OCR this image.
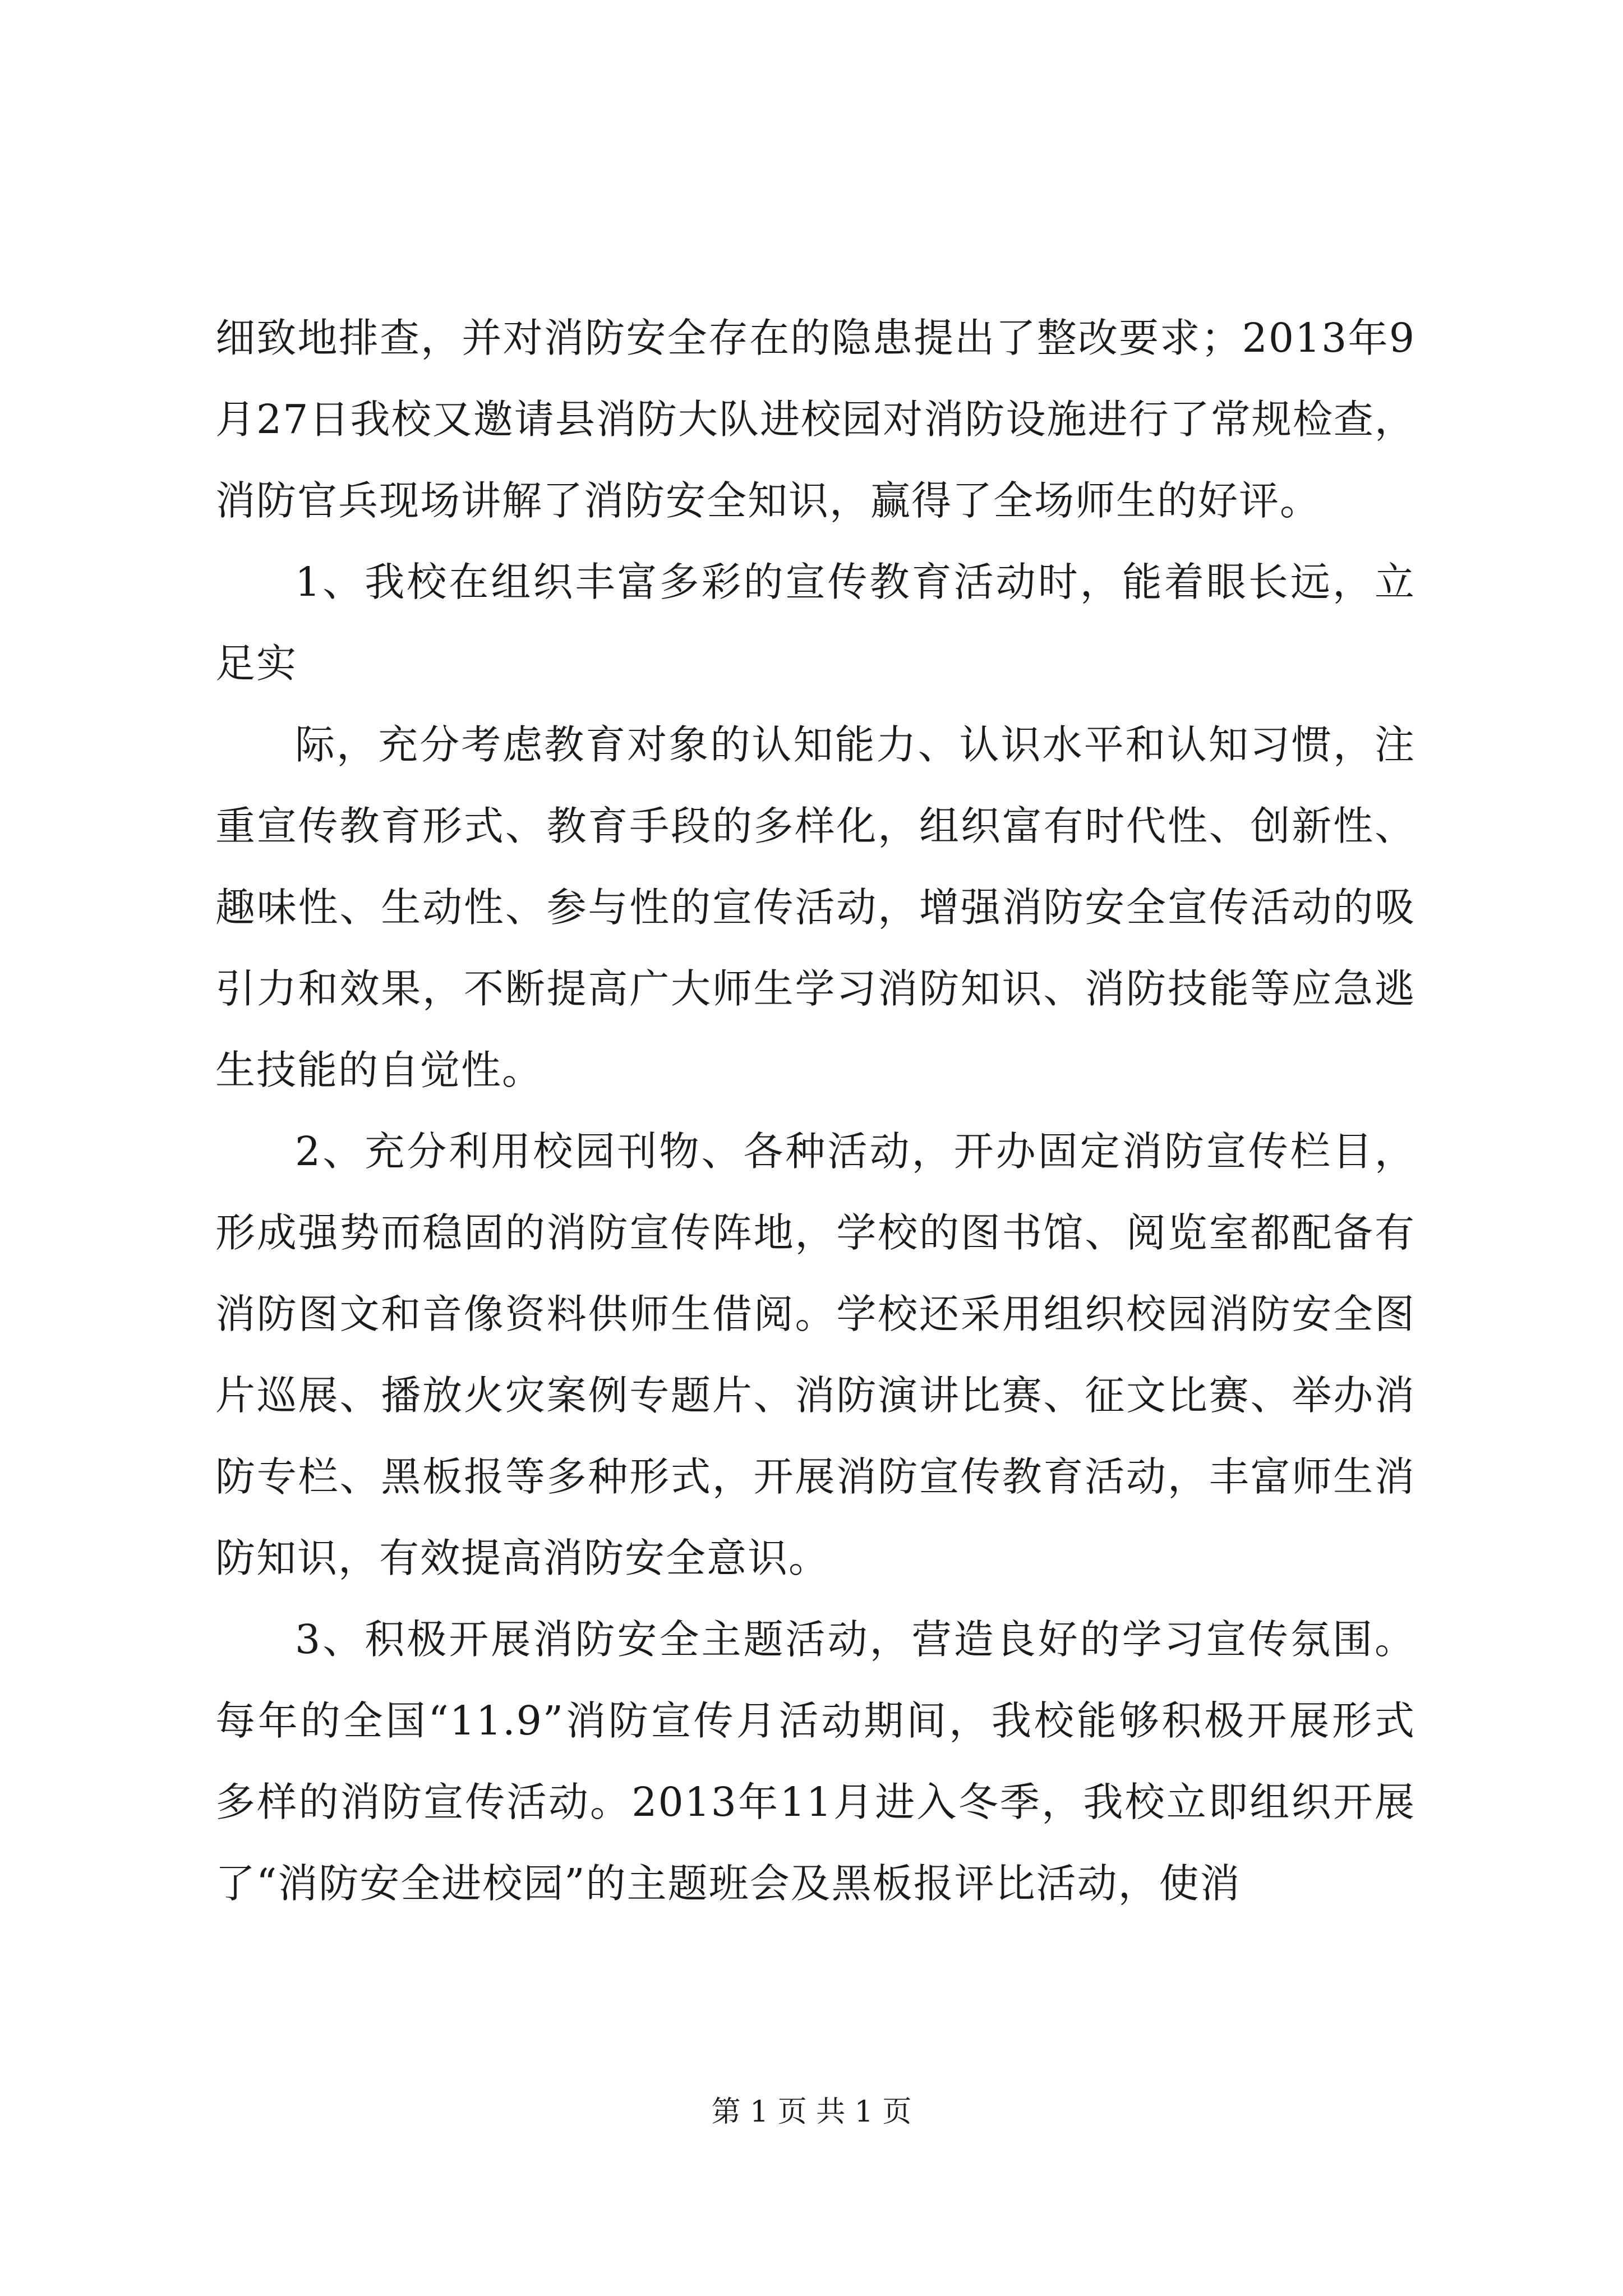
细致地排查，并对消防安全存在的隐患提出了整改要求；2013年9月27日我校又邀请县消防大队进校园对消防设施进行了常规检查，消防官兵现场讲解了消防安全知识，赢得了全场师生的好评。

1、我校在组织丰富多彩的宣传教育活动时，能着眼长远，立足实

际，充分考虑教育对象的认知能力、认识水平和认知习惯，注重宣传教育形式、教育手段的多样化，组织富有时代性、创新性、趣味性、生动性、参与性的宣传活动，增强消防安全宣传活动的吸引力和效果，不断提高广大师生学习消防知识、消防技能等应急逃生技能的自觉性。

2、充分利用校园刊物、各种活动，开办固定消防宣传栏目，形成强势而稳固的消防宣传阵地，学校的图书馆、阅览室都配备有消防图文和音像资料供师生借阅。学校还采用组织校园消防安全图片巡展、播放火灾案例专题片、消防演讲比赛、征文比赛、举办消防专栏、黑板报等多种形式，开展消防宣传教育活动，丰富师生消防知识，有效提高消防安全意识。

3、积极开展消防安全主题活动，营造良好的学习宣传氛围。每年的全国“11.9”消防宣传月活动期间，我校能够积极开展形式多样的消防宣传活动。2013年11月进入冬季，我校立即组织开展了“消防安全进校园”的主题班会及黑板报评比活动，使消

第 1 页 共 1 页
